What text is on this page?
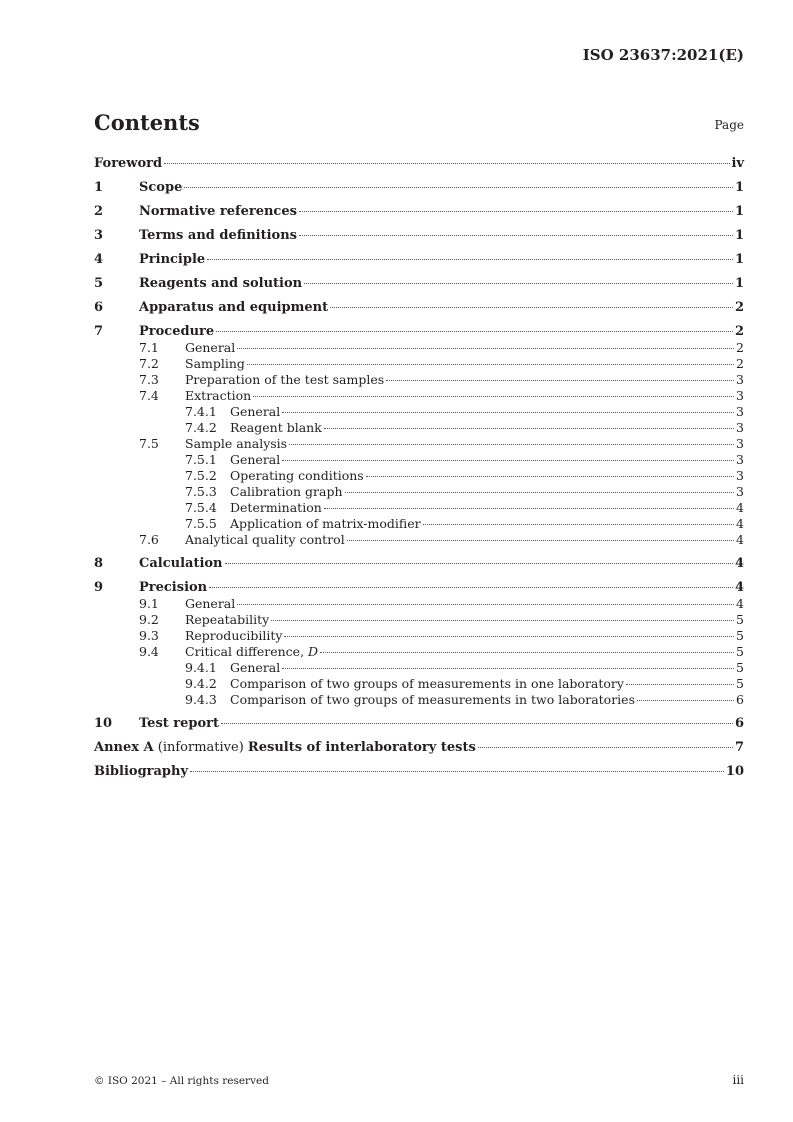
ISO 23637:2021(E)
Contents	Page
Foreword	iv
1	Scope	1
2	Normative references	1
3	Terms and definitions	1
4	Principle	1
5	Reagents and solution	1
6	Apparatus and equipment	2
7	Procedure	2
7.1 General	2
7.2 Sampling	2
7.3 Preparation of the test samples	3
7.4 Extraction	3
7.4.1 General	3
7.4.2 Reagent blank	3
7.5 Sample analysis	3
7.5.1 General	3
7.5.2 Operating conditions	3
7.5.3 Calibration graph	3
7.5.4 Determination	4
7.5.5 Application of matrix-modifier	4
7.6 Analytical quality control	4
8	Calculation	4
9	Precision	4
9.1 General	4
9.2 Repeatability	5
9.3 Reproducibility	5
9.4 Critical difference, D	5
9.4.1 General	5
9.4.2 Comparison of two groups of measurements in one laboratory	5
9.4.3 Comparison of two groups of measurements in two laboratories	6
10	Test report	6
Annex A (informative) Results of interlaboratory tests	7
Bibliography	10
© ISO 2021 – All rights reserved	iii
